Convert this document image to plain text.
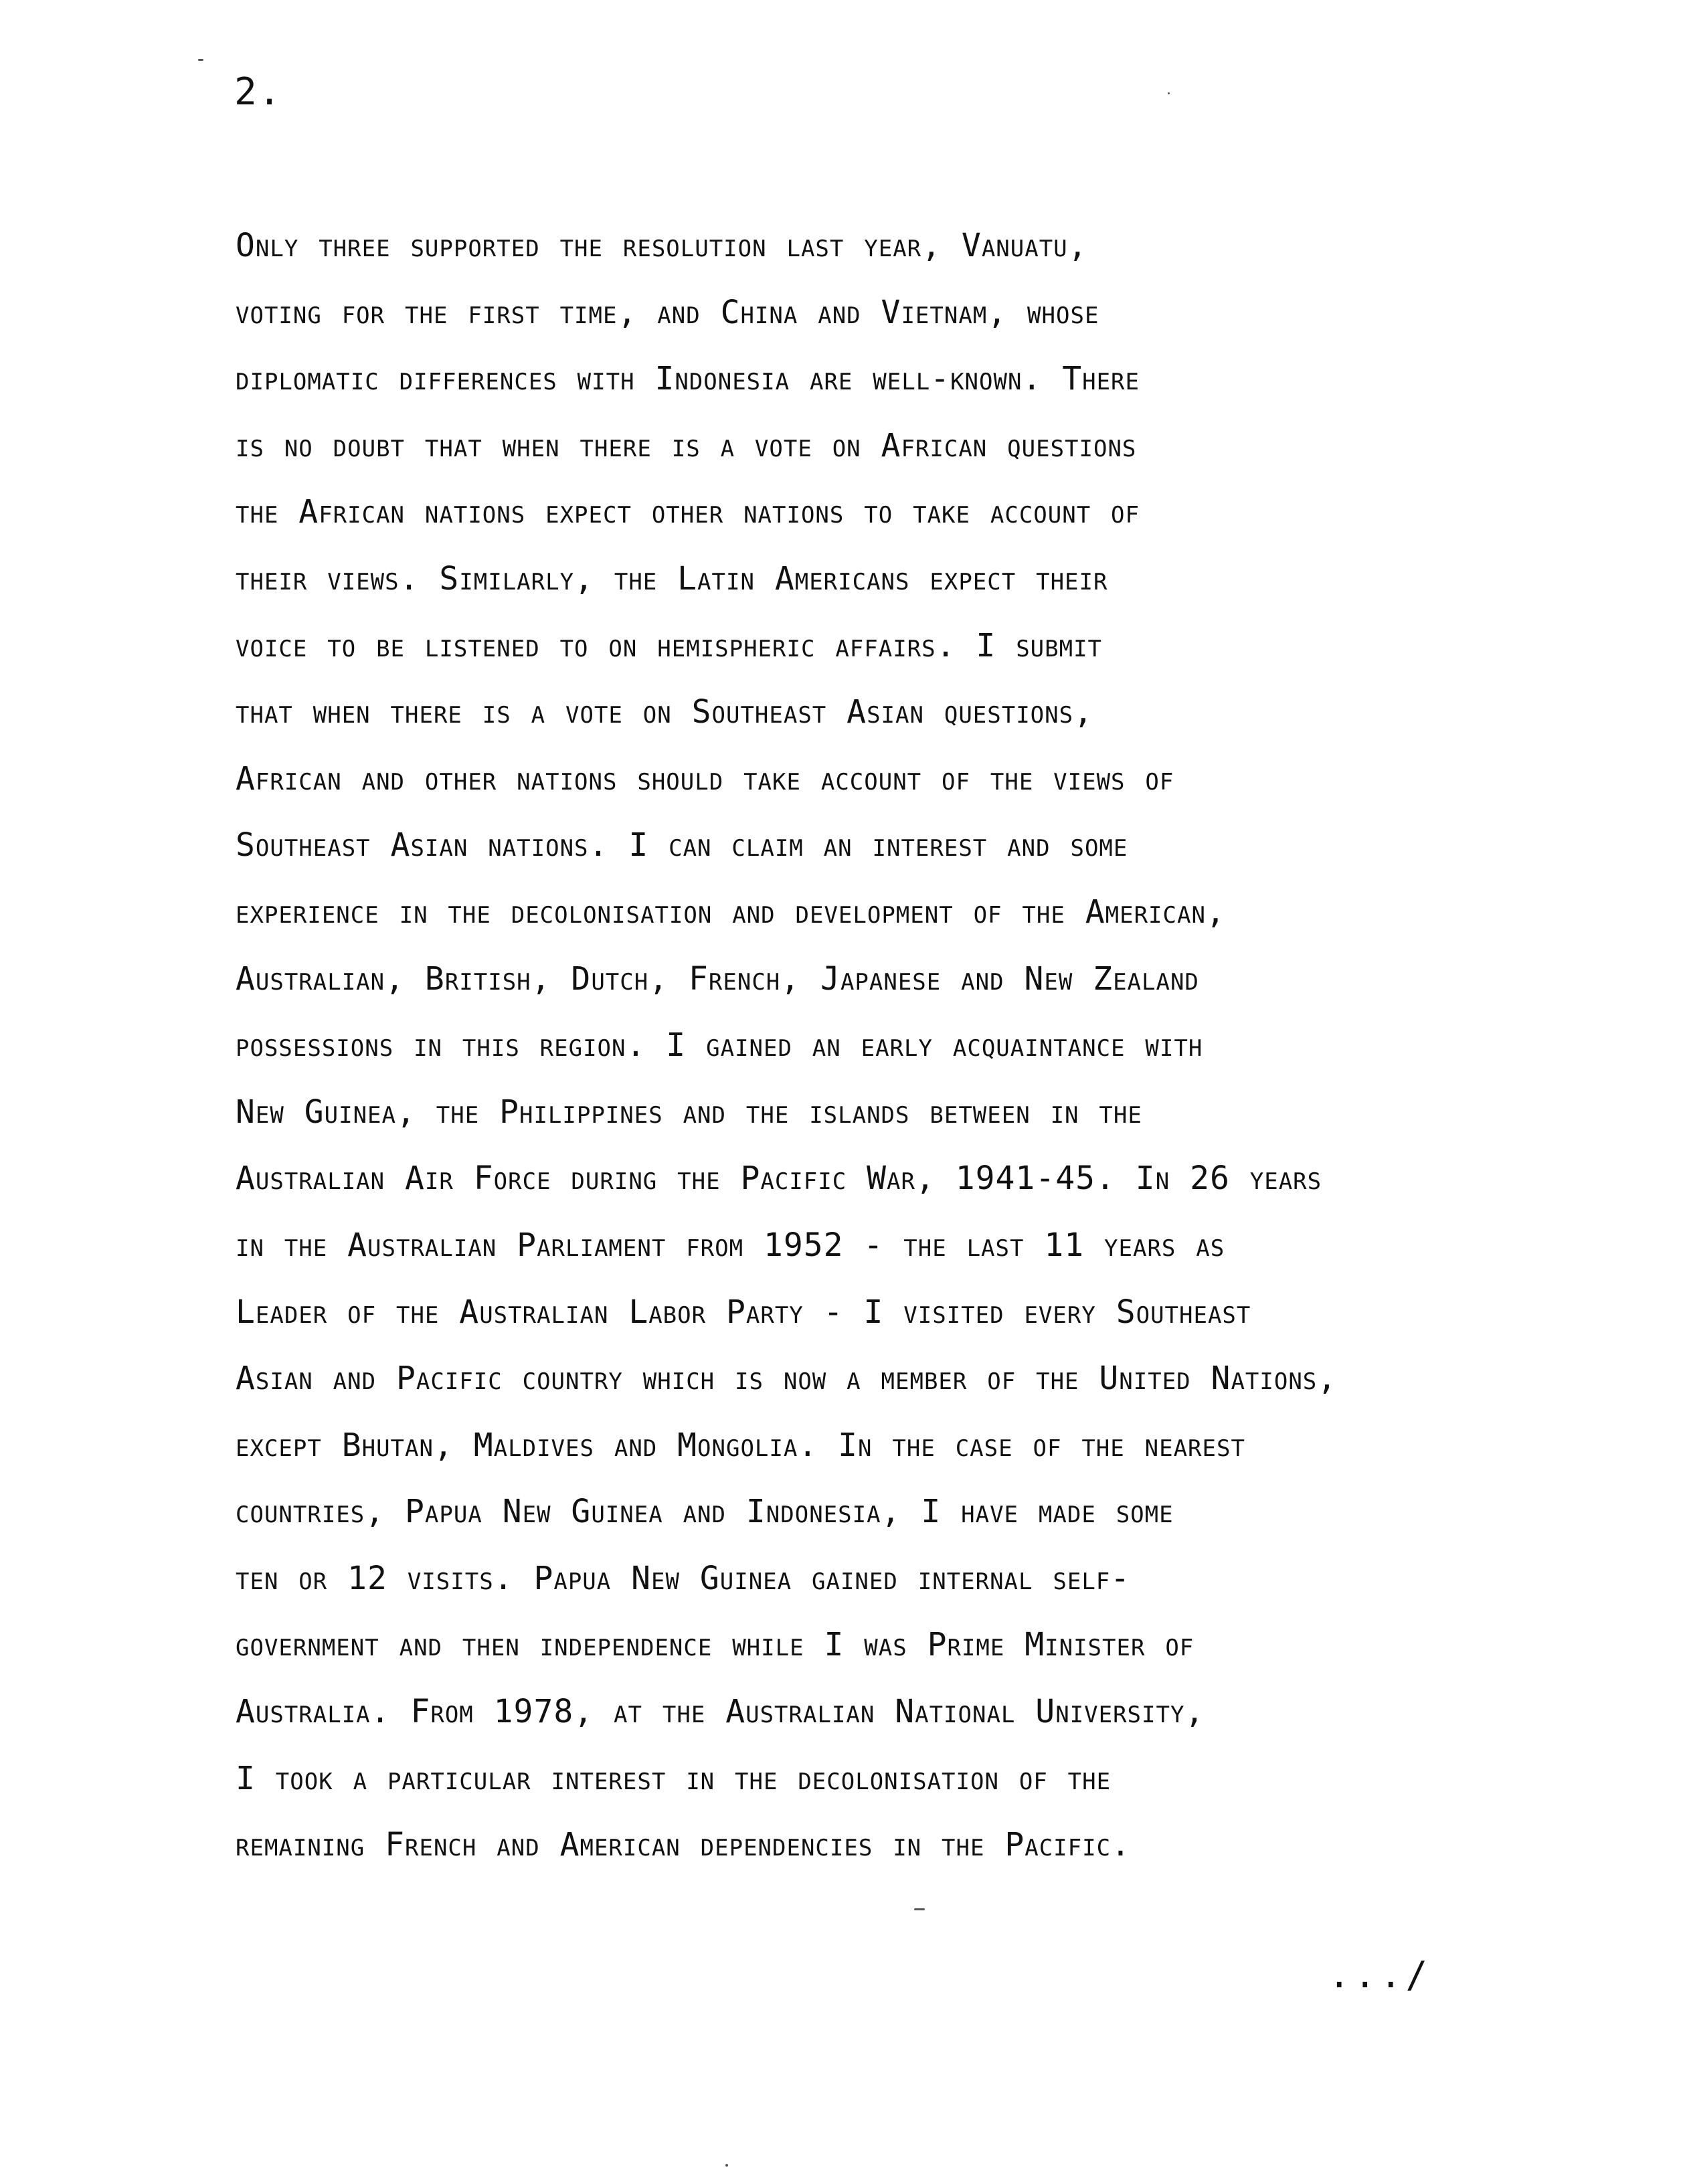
2.
Only three supported the resolution last year, Vanuatu,
voting for the first time, and China and Vietnam, whose
diplomatic differences with Indonesia are well-known. There
is no doubt that when there is a vote on African questions
the African nations expect other nations to take account of
their views. Similarly, the Latin Americans expect their
voice to be listened to on hemispheric affairs. I submit
that when there is a vote on Southeast Asian questions,
African and other nations should take account of the views of
Southeast Asian nations. I can claim an interest and some
experience in the decolonisation and development of the American,
Australian, British, Dutch, French, Japanese and New Zealand
possessions in this region. I gained an early acquaintance with
New Guinea, the Philippines and the islands between in the
Australian Air Force during the Pacific War, 1941-45. In 26 years
in the Australian Parliament from 1952 - the last 11 years as
Leader of the Australian Labor Party - I visited every Southeast
Asian and Pacific country which is now a member of the United Nations,
except Bhutan, Maldives and Mongolia. In the case of the nearest
countries, Papua New Guinea and Indonesia, I have made some
ten or 12 visits. Papua New Guinea gained internal self-
government and then independence while I was Prime Minister of
Australia. From 1978, at the Australian National University,
I took a particular interest in the decolonisation of the
remaining French and American dependencies in the Pacific.
.../
